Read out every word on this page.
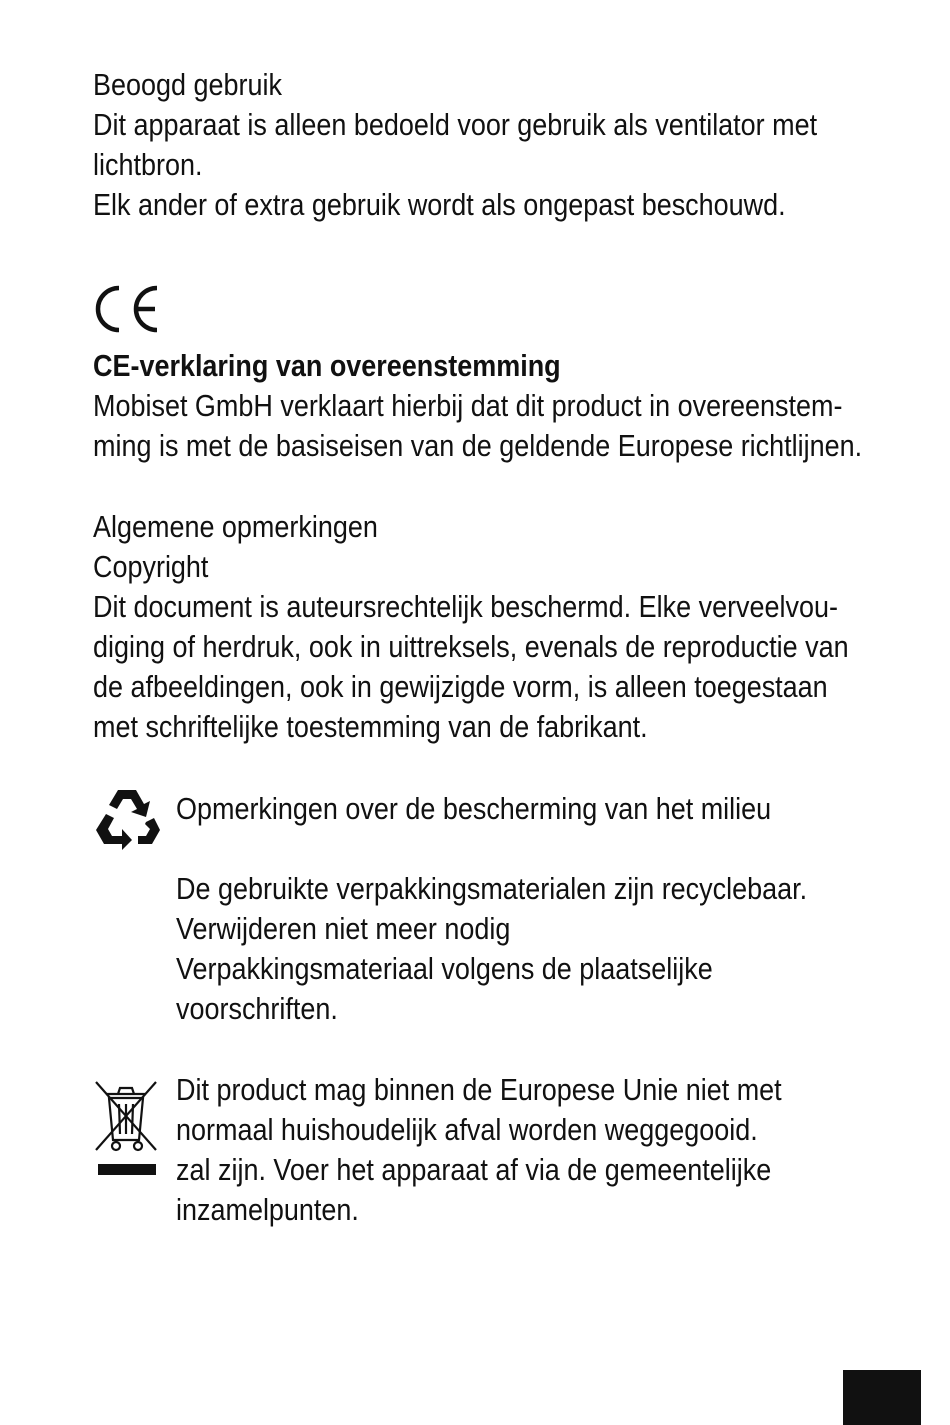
Beoogd gebruik
Dit apparaat is alleen bedoeld voor gebruik als ventilator met
lichtbron.
Elk ander of extra gebruik wordt als ongepast beschouwd.
CE-verklaring van overeenstemming
Mobiset GmbH verklaart hierbij dat dit product in overeenstem-
ming is met de basiseisen van de geldende Europese richtlijnen.
Algemene opmerkingen
Copyright
Dit document is auteursrechtelijk beschermd. Elke verveelvou-
diging of herdruk, ook in uittreksels, evenals de reproductie van
de afbeeldingen, ook in gewijzigde vorm, is alleen toegestaan
met schriftelijke toestemming van de fabrikant.
Opmerkingen over de bescherming van het milieu
De gebruikte verpakkingsmaterialen zijn recyclebaar.
Verwijderen niet meer nodig
Verpakkingsmateriaal volgens de plaatselijke
voorschriften.
Dit product mag binnen de Europese Unie niet met
normaal huishoudelijk afval worden weggegooid.
zal zijn. Voer het apparaat af via de gemeentelijke
inzamelpunten.
